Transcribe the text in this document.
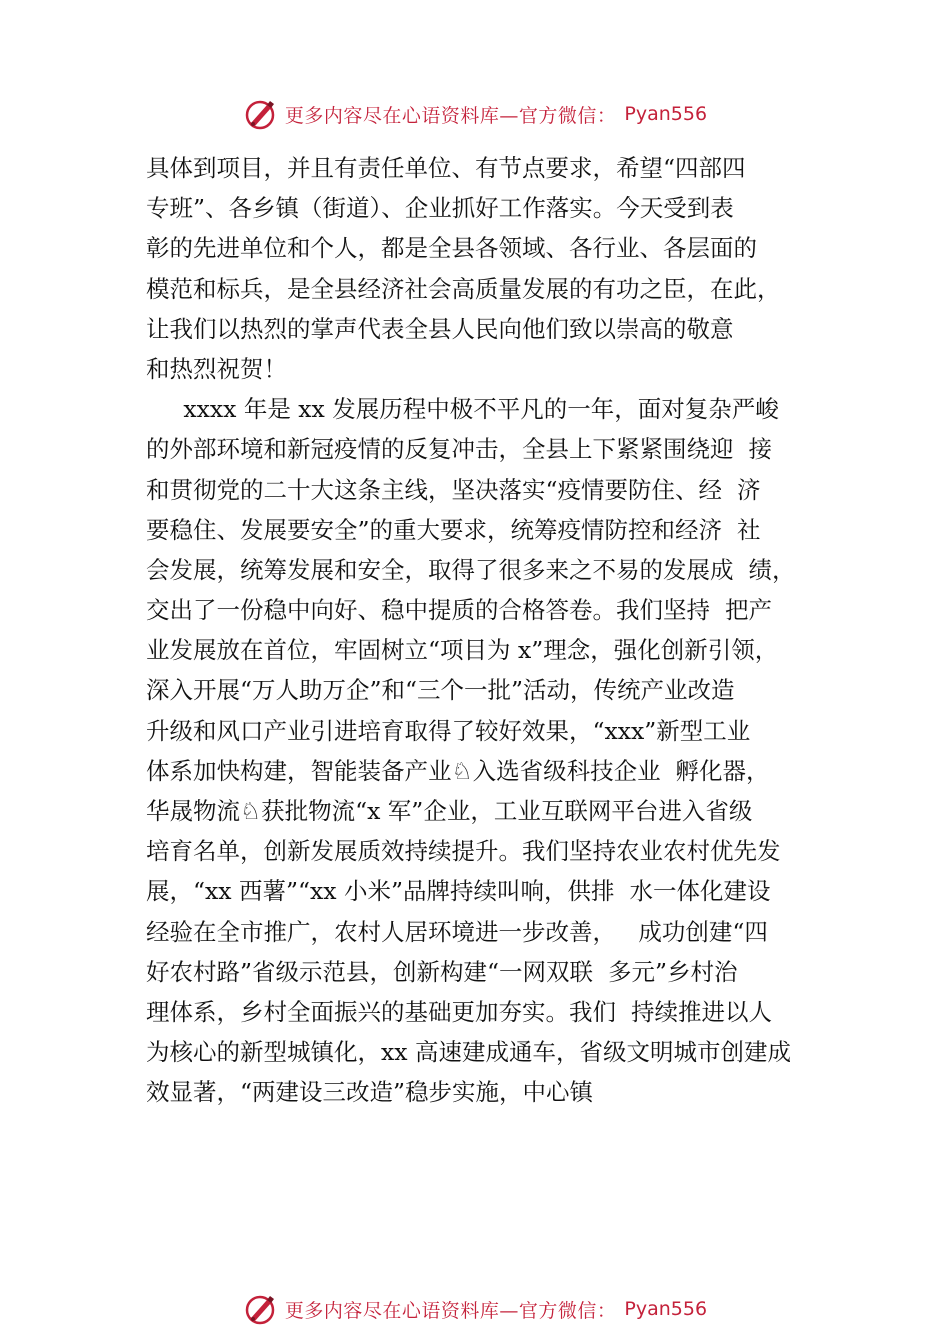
更多内容尽在心语资料库—官方微信： Pyan556
具体到项目，并且有责任单位、有节点要求，希望“四部四
专班”、各乡镇（街道）、企业抓好工作落实。今天受到表
彰的先进单位和个人，都是全县各领域、各行业、各层面的
模范和标兵，是全县经济社会高质量发展的有功之臣，在此，
让我们以热烈的掌声代表全县人民向他们致以崇高的敬意
和热烈祝贺！
xxxx 年是 xx 发展历程中极不平凡的一年，面对复杂严峻
的外部环境和新冠疫情的反复冲击，全县上下紧紧围绕迎  接
和贯彻党的二十大这条主线，坚决落实“疫情要防住、经  济
要稳住、发展要安全”的重大要求，统筹疫情防控和经济  社
会发展，统筹发展和安全，取得了很多来之不易的发展成  绩，
交出了一份稳中向好、稳中提质的合格答卷。我们坚持  把产
业发展放在首位，牢固树立“项目为 x”理念，强化创新引领，
深入开展“万人助万企”和“三个一批”活动，传统产业改造
升级和风口产业引进培育取得了较好效果，“xxx”新型工业
体系加快构建，智能装备产业♘入选省级科技企业  孵化器，
华晟物流♘获批物流“x 军”企业，工业互联网平台进入省级
培育名单，创新发展质效持续提升。我们坚持农业农村优先发
展，“xx 西薯”“xx 小米”品牌持续叫响，供排  水一体化建设
经验在全市推广，农村人居环境进一步改善，   成功创建“四
好农村路”省级示范县，创新构建“一网双联  多元”乡村治
理体系，乡村全面振兴的基础更加夯实。我们  持续推进以人
为核心的新型城镇化，xx 高速建成通车，省级文明城市创建成
效显著，“两建设三改造”稳步实施，中心镇
更多内容尽在心语资料库—官方微信： Pyan556
